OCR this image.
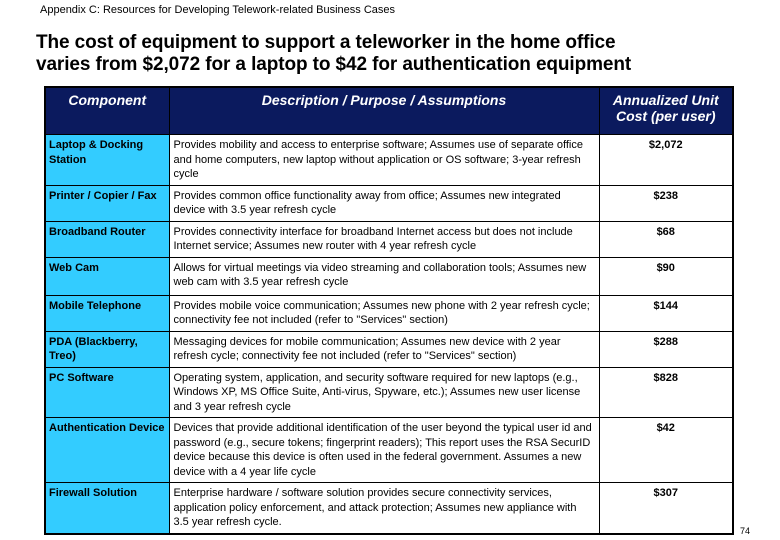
Appendix C: Resources for Developing Telework-related Business Cases
The cost of equipment to support a teleworker in the home office
varies from $2,072 for a laptop to $42 for authentication equipment
Component	Description / Purpose / Assumptions	Annualized Unit Cost (per user)
Laptop & Docking Station	Provides mobility and access to enterprise software; Assumes use of separate office and home computers, new laptop without application or OS software; 3-year refresh cycle	$2,072
Printer / Copier / Fax	Provides common office functionality away from office; Assumes new integrated device with 3.5 year refresh cycle	$238
Broadband Router	Provides connectivity interface for broadband Internet access but does not include Internet service; Assumes new router with 4 year refresh cycle	$68
Web Cam	Allows for virtual meetings via video streaming and collaboration tools; Assumes new web cam with 3.5 year refresh cycle	$90
Mobile Telephone	Provides mobile voice communication; Assumes new phone with 2 year refresh cycle; connectivity fee not included (refer to "Services" section)	$144
PDA (Blackberry, Treo)	Messaging devices for mobile communication; Assumes new device with 2 year refresh cycle; connectivity fee not included (refer to "Services" section)	$288
PC Software	Operating system, application, and security software required for new laptops (e.g., Windows XP, MS Office Suite, Anti-virus, Spyware, etc.); Assumes new user license and 3 year refresh cycle	$828
Authentication Device	Devices that provide additional identification of the user beyond the typical user id and password (e.g., secure tokens; fingerprint readers); This report uses the RSA SecurID device because this device is often used in the federal government. Assumes a new device with a 4 year life cycle	$42
Firewall Solution	Enterprise hardware / software solution provides secure connectivity services, application policy enforcement, and attack protection; Assumes new appliance with 3.5 year refresh cycle.	$307
74
